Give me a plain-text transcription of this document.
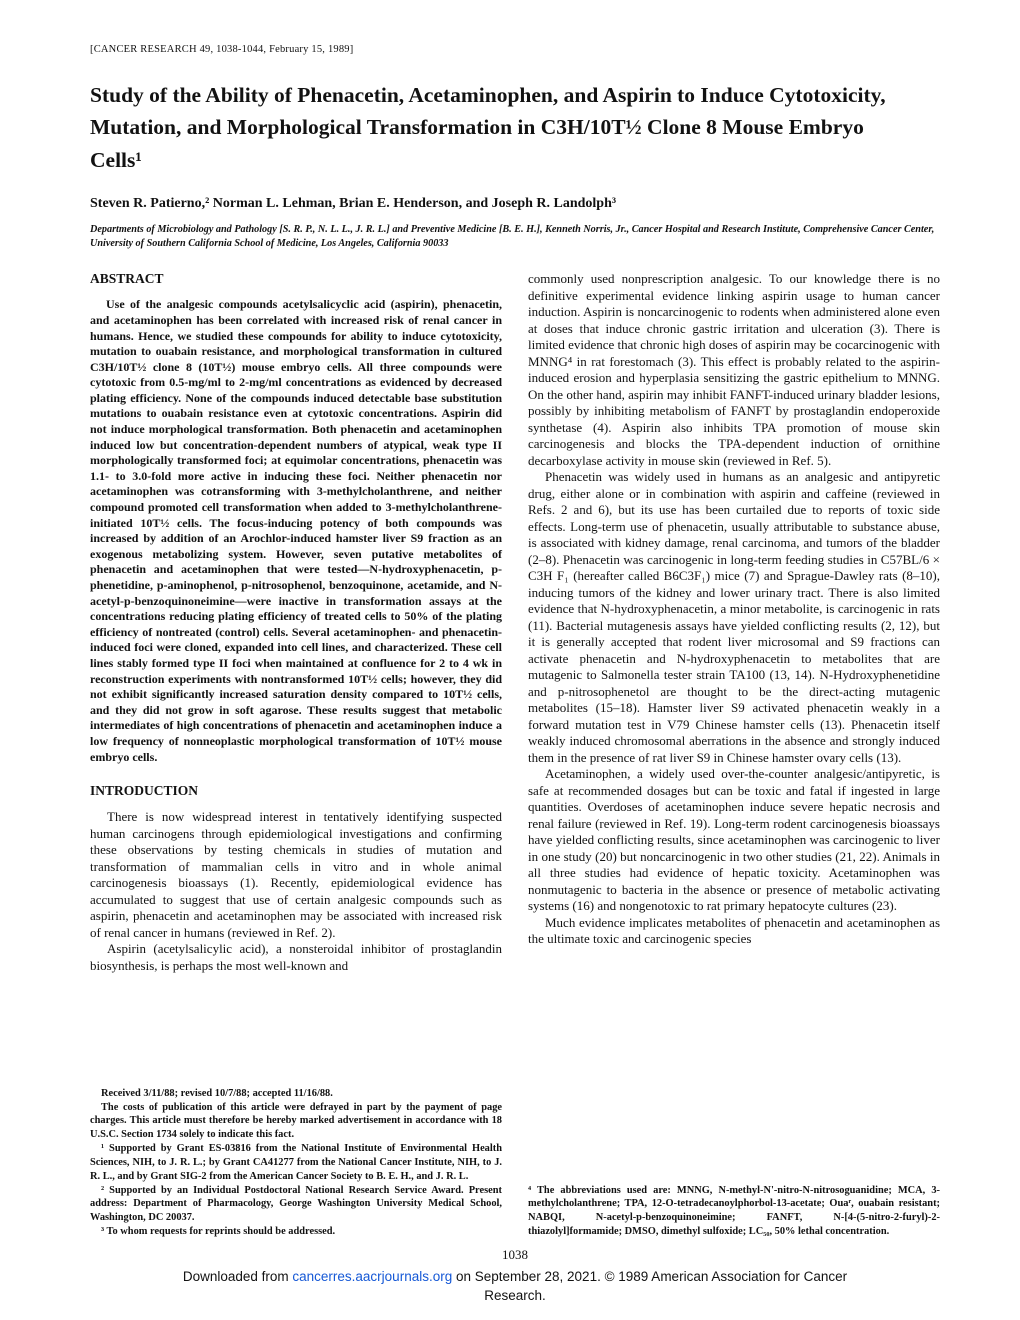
[CANCER RESEARCH 49, 1038-1044, February 15, 1989]
Study of the Ability of Phenacetin, Acetaminophen, and Aspirin to Induce Cytotoxicity, Mutation, and Morphological Transformation in C3H/10T½ Clone 8 Mouse Embryo Cells¹
Steven R. Patierno,² Norman L. Lehman, Brian E. Henderson, and Joseph R. Landolph³
Departments of Microbiology and Pathology [S. R. P., N. L. L., J. R. L.] and Preventive Medicine [B. E. H.], Kenneth Norris, Jr., Cancer Hospital and Research Institute, Comprehensive Cancer Center, University of Southern California School of Medicine, Los Angeles, California 90033
ABSTRACT

Use of the analgesic compounds acetylsalicyclic acid (aspirin), phenacetin, and acetaminophen has been correlated with increased risk of renal cancer in humans. Hence, we studied these compounds for ability to induce cytotoxicity, mutation to ouabain resistance, and morphological transformation in cultured C3H/10T½ clone 8 (10T½) mouse embryo cells. All three compounds were cytotoxic from 0.5-mg/ml to 2-mg/ml concentrations as evidenced by decreased plating efficiency. None of the compounds induced detectable base substitution mutations to ouabain resistance even at cytotoxic concentrations. Aspirin did not induce morphological transformation. Both phenacetin and acetaminophen induced low but concentration-dependent numbers of atypical, weak type II morphologically transformed foci; at equimolar concentrations, phenacetin was 1.1- to 3.0-fold more active in inducing these foci. Neither phenacetin nor acetaminophen was cotransforming with 3-methylcholanthrene, and neither compound promoted cell transformation when added to 3-methylcholanthrene-initiated 10T½ cells. The focus-inducing potency of both compounds was increased by addition of an Arochlor-induced hamster liver S9 fraction as an exogenous metabolizing system. However, seven putative metabolites of phenacetin and acetaminophen that were tested—N-hydroxyphenacetin, p-phenetidine, p-aminophenol, p-nitrosophenol, benzoquinone, acetamide, and N-acetyl-p-benzoquinoneimine—were inactive in transformation assays at the concentrations reducing plating efficiency of treated cells to 50% of the plating efficiency of nontreated (control) cells. Several acetaminophen- and phenacetin-induced foci were cloned, expanded into cell lines, and characterized. These cell lines stably formed type II foci when maintained at confluence for 2 to 4 wk in reconstruction experiments with nontransformed 10T½ cells; however, they did not exhibit significantly increased saturation density compared to 10T½ cells, and they did not grow in soft agarose. These results suggest that metabolic intermediates of high concentrations of phenacetin and acetaminophen induce a low frequency of nonneoplastic morphological transformation of 10T½ mouse embryo cells.

INTRODUCTION

There is now widespread interest in tentatively identifying suspected human carcinogens through epidemiological investigations and confirming these observations by testing chemicals in studies of mutation and transformation of mammalian cells in vitro and in whole animal carcinogenesis bioassays (1). Recently, epidemiological evidence has accumulated to suggest that use of certain analgesic compounds such as aspirin, phenacetin and acetaminophen may be associated with increased risk of renal cancer in humans (reviewed in Ref. 2).

Aspirin (acetylsalicylic acid), a nonsteroidal inhibitor of prostaglandin biosynthesis, is perhaps the most well-known and

Received 3/11/88; revised 10/7/88; accepted 11/16/88.

The costs of publication of this article were defrayed in part by the payment of page charges. This article must therefore be hereby marked advertisement in accordance with 18 U.S.C. Section 1734 solely to indicate this fact.

¹ Supported by Grant ES-03816 from the National Institute of Environmental Health Sciences, NIH, to J. R. L.; by Grant CA41277 from the National Cancer Institute, NIH, to J. R. L., and by Grant SIG-2 from the American Cancer Society to B. E. H., and J. R. L.

² Supported by an Individual Postdoctoral National Research Service Award. Present address: Department of Pharmacology, George Washington University Medical School, Washington, DC 20037.

³ To whom requests for reprints should be addressed.

commonly used nonprescription analgesic. To our knowledge there is no definitive experimental evidence linking aspirin usage to human cancer induction. Aspirin is noncarcinogenic to rodents when administered alone even at doses that induce chronic gastric irritation and ulceration (3). There is limited evidence that chronic high doses of aspirin may be cocarcinogenic with MNNG⁴ in rat forestomach (3). This effect is probably related to the aspirin-induced erosion and hyperplasia sensitizing the gastric epithelium to MNNG. On the other hand, aspirin may inhibit FANFT-induced urinary bladder lesions, possibly by inhibiting metabolism of FANFT by prostaglandin endoperoxide synthetase (4). Aspirin also inhibits TPA promotion of mouse skin carcinogenesis and blocks the TPA-dependent induction of ornithine decarboxylase activity in mouse skin (reviewed in Ref. 5).

Phenacetin was widely used in humans as an analgesic and antipyretic drug, either alone or in combination with aspirin and caffeine (reviewed in Refs. 2 and 6), but its use has been curtailed due to reports of toxic side effects. Long-term use of phenacetin, usually attributable to substance abuse, is associated with kidney damage, renal carcinoma, and tumors of the bladder (2–8). Phenacetin was carcinogenic in long-term feeding studies in C57BL/6 × C3H F₁ (hereafter called B6C3F₁) mice (7) and Sprague-Dawley rats (8–10), inducing tumors of the kidney and lower urinary tract. There is also limited evidence that N-hydroxyphenacetin, a minor metabolite, is carcinogenic in rats (11). Bacterial mutagenesis assays have yielded conflicting results (2, 12), but it is generally accepted that rodent liver microsomal and S9 fractions can activate phenacetin and N-hydroxyphenacetin to metabolites that are mutagenic to Salmonella tester strain TA100 (13, 14). N-Hydroxyphenetidine and p-nitrosophenetol are thought to be the direct-acting mutagenic metabolites (15–18). Hamster liver S9 activated phenacetin weakly in a forward mutation test in V79 Chinese hamster cells (13). Phenacetin itself weakly induced chromosomal aberrations in the absence and strongly induced them in the presence of rat liver S9 in Chinese hamster ovary cells (13).

Acetaminophen, a widely used over-the-counter analgesic/antipyretic, is safe at recommended dosages but can be toxic and fatal if ingested in large quantities. Overdoses of acetaminophen induce severe hepatic necrosis and renal failure (reviewed in Ref. 19). Long-term rodent carcinogenesis bioassays have yielded conflicting results, since acetaminophen was carcinogenic to liver in one study (20) but noncarcinogenic in two other studies (21, 22). Animals in all three studies had evidence of hepatic toxicity. Acetaminophen was nonmutagenic to bacteria in the absence or presence of metabolic activating systems (16) and nongenotoxic to rat primary hepatocyte cultures (23).

Much evidence implicates metabolites of phenacetin and acetaminophen as the ultimate toxic and carcinogenic species

⁴ The abbreviations used are: MNNG, N-methyl-N'-nitro-N-nitrosoguanidine; MCA, 3-methylcholanthrene; TPA, 12-O-tetradecanoylphorbol-13-acetate; Ouaʳ, ouabain resistant; NABQI, N-acetyl-p-benzoquinoneimine; FANFT, N-[4-(5-nitro-2-furyl)-2-thiazolyl]formamide; DMSO, dimethyl sulfoxide; LC₅₀, 50% lethal concentration.

1038
Downloaded from cancerres.aacrjournals.org on September 28, 2021. © 1989 American Association for Cancer Research.
